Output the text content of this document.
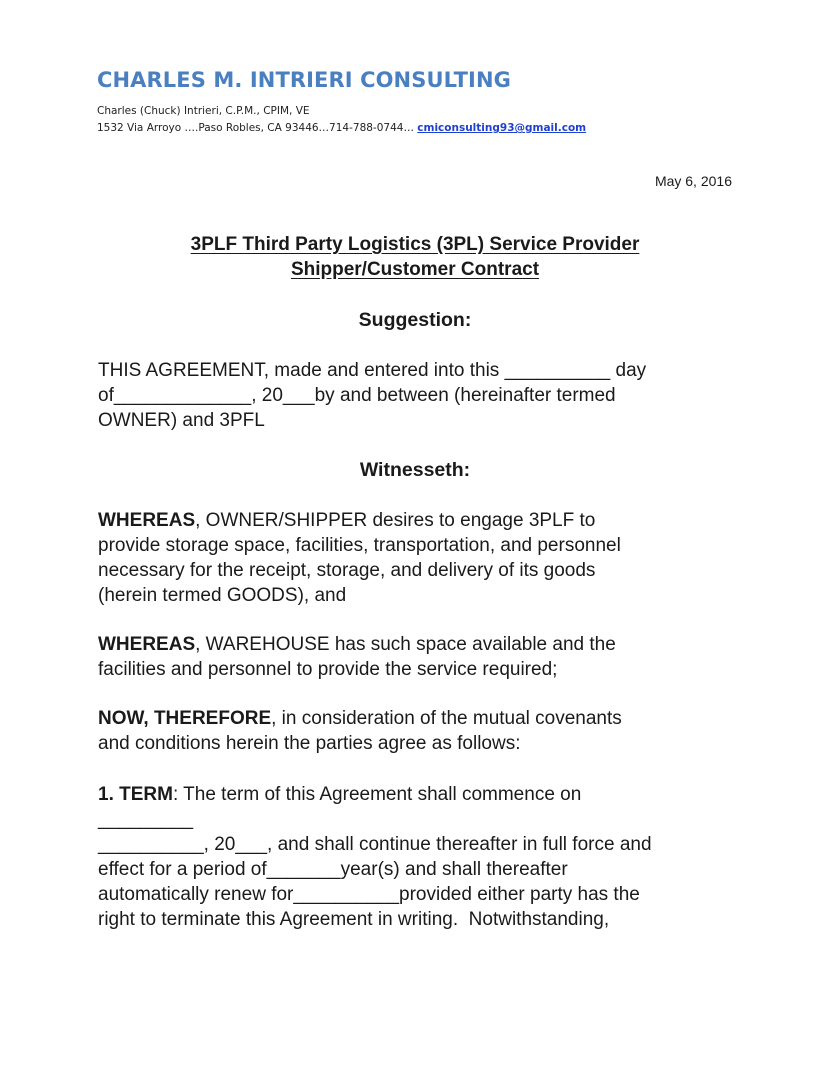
CHARLES M. INTRIERI CONSULTING
Charles (Chuck) Intrieri, C.P.M., CPIM, VE
1532 Via Arroyo ….Paso Robles, CA 93446…714-788-0744… cmiconsulting93@gmail.com
May 6, 2016
3PLF Third Party Logistics (3PL) Service Provider
Shipper/Customer Contract
Suggestion:
THIS AGREEMENT, made and entered into this __________ day
of_____________, 20___by and between (hereinafter termed
OWNER) and 3PFL
Witnesseth:
WHEREAS, OWNER/SHIPPER desires to engage 3PLF to
provide storage space, facilities, transportation, and personnel
necessary for the receipt, storage, and delivery of its goods
(herein termed GOODS), and
WHEREAS, WAREHOUSE has such space available and the
facilities and personnel to provide the service required;
NOW, THEREFORE, in consideration of the mutual covenants
and conditions herein the parties agree as follows:
1. TERM: The term of this Agreement shall commence on
_________
__________, 20___, and shall continue thereafter in full force and
effect for a period of_______year(s) and shall thereafter
automatically renew for__________provided either party has the
right to terminate this Agreement in writing.  Notwithstanding,
